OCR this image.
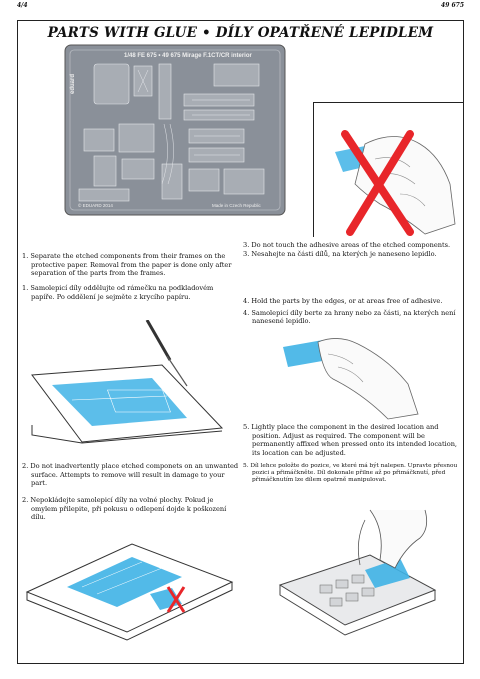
4/4	49 675
PARTS WITH GLUE • DÍLY OPATŘENÉ LEPIDLEM
1/48 FE 675 • 49 675 Mirage F.1CT/CR interior
eduard
© EDUARD 2014	Made in Czech Republic

1. Separate the etched components from their frames on the protective paper. Removal from the paper is done only after separation of the parts from the frames.

1. Samolepicí díly oddělujte od rámečku na podkladovém papíře. Po oddělení je sejměte z krycího papíru.

2. Do not inadvertently place etched componets on an unwanted surface. Attempts to remove will result in damage to your part.

2. Nepokládejte samolepicí díly na volné plochy. Pokud je omylem přilepite, při pokusu o odlepení dojde k poškození dílu.

3. Do not touch the adhesive areas of the etched components.

3. Nesahejte na části dílů, na kterých je naneseno lepidlo.

4. Hold the parts by the edges, or at areas free of adhesive.

4. Samolepicí díly berte za hrany nebo za části, na kterých není nanesené lepidlo.

5. Lightly place the component in the desired location and position. Adjust as required. The component will be permanently affixed when pressed onto its intended location, its location can be adjusted.

5. Díl lehce položte do pozice, ve které má být nalepen. Upravte přesnou pozici a přimáčkněte. Díl dokonale přilne až po přimáčknutí, před přimáčknutím lze dílem opatrně manipulovat.
